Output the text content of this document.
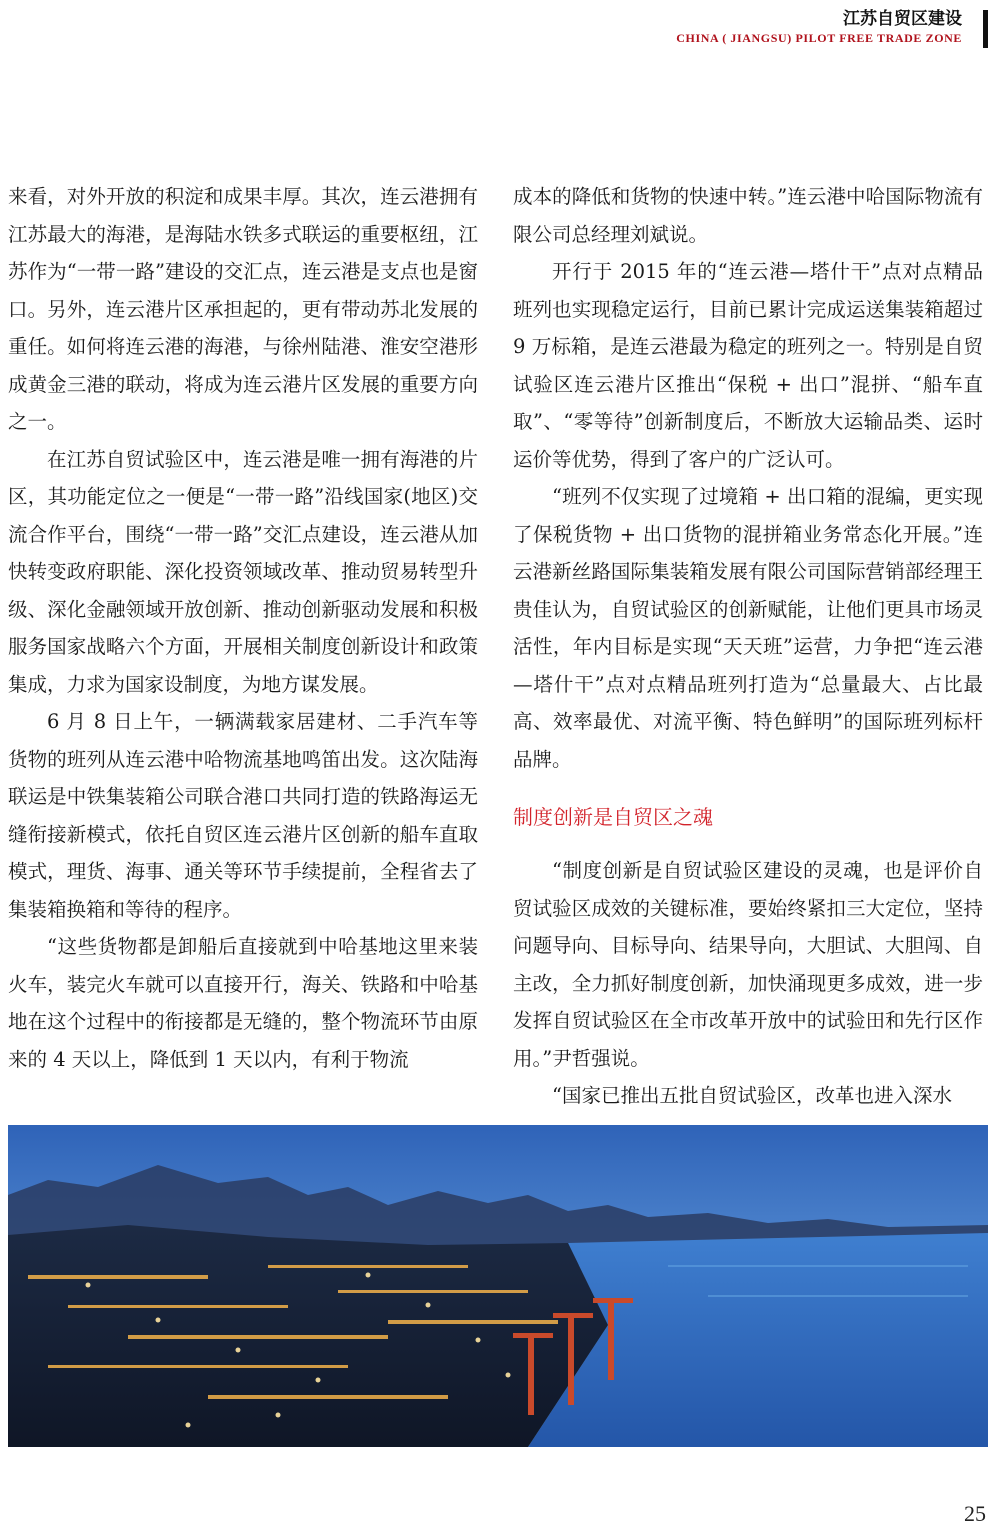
江苏自贸区建设
CHINA ( JIANGSU) PILOT FREE TRADE ZONE

来看，对外开放的积淀和成果丰厚。其次，连云港拥有江苏最大的海港，是海陆水铁多式联运的重要枢纽，江苏作为“一带一路”建设的交汇点，连云港是支点也是窗口。另外，连云港片区承担起的，更有带动苏北发展的重任。如何将连云港的海港，与徐州陆港、淮安空港形成黄金三港的联动，将成为连云港片区发展的重要方向之一。

在江苏自贸试验区中，连云港是唯一拥有海港的片区，其功能定位之一便是“一带一路”沿线国家(地区)交流合作平台，围绕“一带一路”交汇点建设，连云港从加快转变政府职能、深化投资领域改革、推动贸易转型升级、深化金融领域开放创新、推动创新驱动发展和积极服务国家战略六个方面，开展相关制度创新设计和政策集成，力求为国家设制度，为地方谋发展。

6 月 8 日上午，一辆满载家居建材、二手汽车等货物的班列从连云港中哈物流基地鸣笛出发。这次陆海联运是中铁集装箱公司联合港口共同打造的铁路海运无缝衔接新模式，依托自贸区连云港片区创新的船车直取模式，理货、海事、通关等环节手续提前，全程省去了集装箱换箱和等待的程序。

“这些货物都是卸船后直接就到中哈基地这里来装火车，装完火车就可以直接开行，海关、铁路和中哈基地在这个过程中的衔接都是无缝的，整个物流环节由原来的 4 天以上，降低到 1 天以内，有利于物流

成本的降低和货物的快速中转。”连云港中哈国际物流有限公司总经理刘斌说。

开行于 2015 年的“连云港—塔什干”点对点精品班列也实现稳定运行，目前已累计完成运送集装箱超过 9 万标箱，是连云港最为稳定的班列之一。特别是自贸试验区连云港片区推出“保税 + 出口”混拼、“船车直取”、“零等待”创新制度后，不断放大运输品类、运时运价等优势，得到了客户的广泛认可。

“班列不仅实现了过境箱 + 出口箱的混编，更实现了保税货物 + 出口货物的混拼箱业务常态化开展。”连云港新丝路国际集装箱发展有限公司国际营销部经理王贵佳认为，自贸试验区的创新赋能，让他们更具市场灵活性，年内目标是实现“天天班”运营，力争把“连云港—塔什干”点对点精品班列打造为“总量最大、占比最高、效率最优、对流平衡、特色鲜明”的国际班列标杆品牌。

制度创新是自贸区之魂

“制度创新是自贸试验区建设的灵魂，也是评价自贸试验区成效的关键标准，要始终紧扣三大定位，坚持问题导向、目标导向、结果导向，大胆试、大胆闯、自主改，全力抓好制度创新，加快涌现更多成效，进一步发挥自贸试验区在全市改革开放中的试验田和先行区作用。”尹哲强说。

“国家已推出五批自贸试验区，改革也进入深水

25
